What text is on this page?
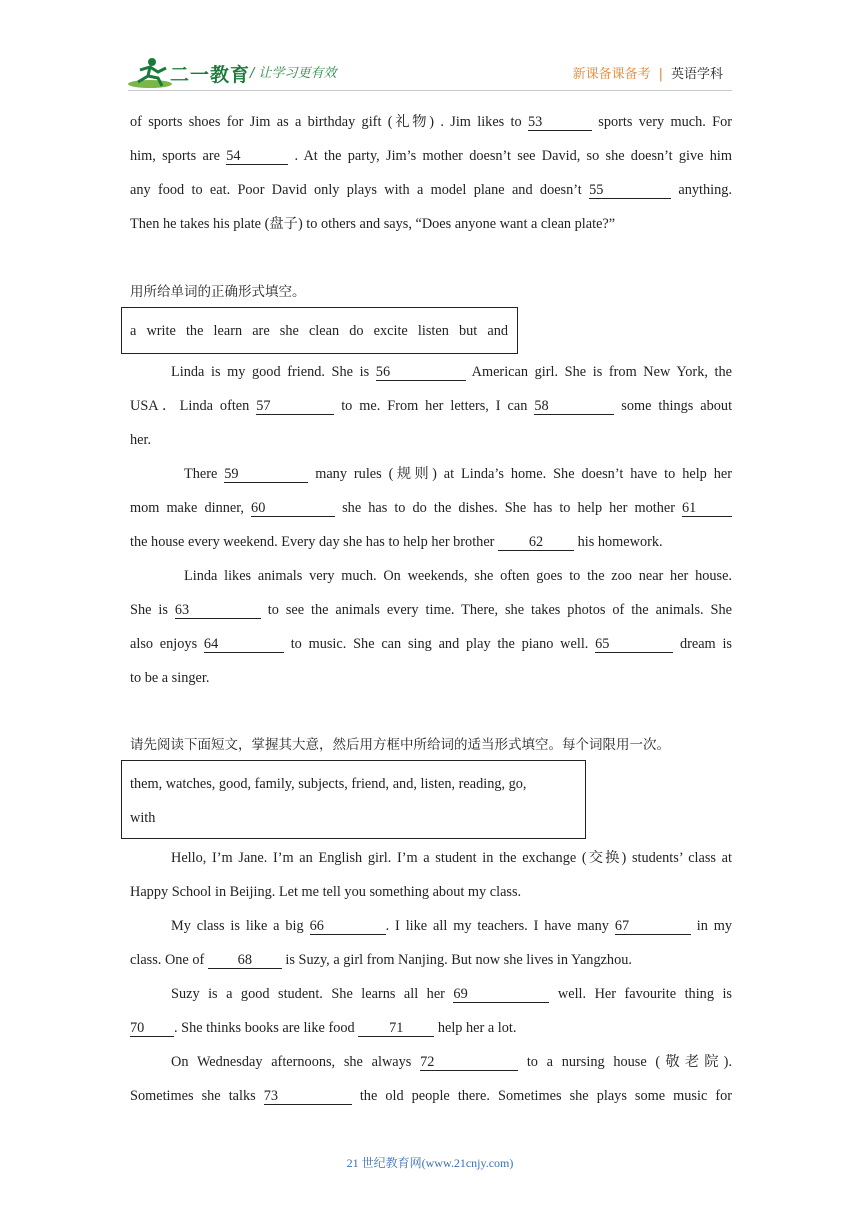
二一教育 / 让学习更有效	新课备课备考 | 英语学科
of sports shoes for Jim as a birthday gift (礼物) . Jim likes to 53	sports very much. For
him, sports are 54	. At the party, Jim’s mother doesn’t see David, so she doesn’t give him
any food to eat. Poor David only plays with a model plane and doesn’t 55	anything.
Then he takes his plate (盘子) to others and says, “Does anyone want a clean plate?”
用所给单词的正确形式填空。
a write the learn are she clean do excite listen but and
Linda is my good friend. She is 56	American girl. She is from New York, the
USA．Linda often 57	to me. From her letters, I can 58	some things about
her.
There 59	many rules (规则) at Linda’s home. She doesn’t have to help her
mom make dinner, 60	she has to do the dishes. She has to help her mother 61
the house every weekend. Every day she has to help her brother 62 his homework.
Linda likes animals very much. On weekends, she often goes to the zoo near her house.
She is 63	to see the animals every time. There, she takes photos of the animals. She
also enjoys 64	to music. She can sing and play the piano well. 65	dream is
to be a singer.
请先阅读下面短文，掌握其大意，然后用方框中所给词的适当形式填空。每个词限用一次。
them, watches, good, family, subjects, friend, and, listen, reading, go,
with
Hello, I’m Jane. I’m an English girl. I’m a student in the exchange (交换) students’ class at
Happy School in Beijing. Let me tell you something about my class.
My class is like a big 66	. I like all my teachers. I have many 67	in my
class. One of 68 is Suzy, a girl from Nanjing. But now she lives in Yangzhou.
Suzy is a good student. She learns all her 69	well. Her favourite thing is
70 . She thinks books are like food 71 help her a lot.
On Wednesday afternoons, she always 72	to a nursing house (敬老院).
Sometimes she talks 73	the old people there. Sometimes she plays some music for
21 世纪教育网(www.21cnjy.com)
